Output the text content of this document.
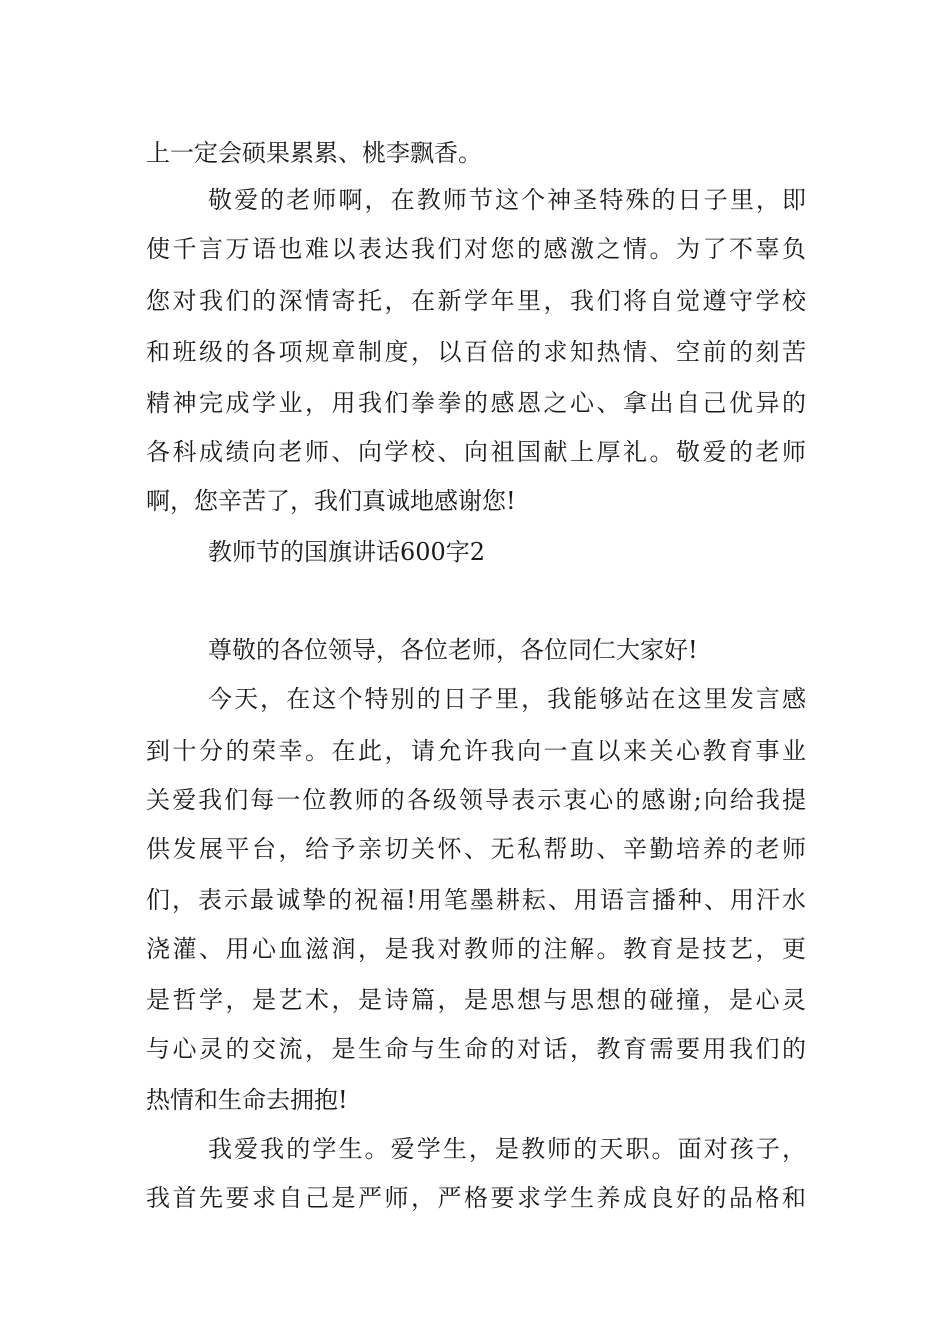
上一定会硕果累累、桃李飘香。
敬爱的老师啊，在教师节这个神圣特殊的日子里，即
使千言万语也难以表达我们对您的感激之情。为了不辜负
您对我们的深情寄托，在新学年里，我们将自觉遵守学校
和班级的各项规章制度，以百倍的求知热情、空前的刻苦
精神完成学业，用我们拳拳的感恩之心、拿出自己优异的
各科成绩向老师、向学校、向祖国献上厚礼。敬爱的老师
啊，您辛苦了，我们真诚地感谢您!
教师节的国旗讲话600字2
尊敬的各位领导，各位老师，各位同仁大家好!
今天，在这个特别的日子里，我能够站在这里发言感
到十分的荣幸。在此，请允许我向一直以来关心教育事业
关爱我们每一位教师的各级领导表示衷心的感谢;向给我提
供发展平台，给予亲切关怀、无私帮助、辛勤培养的老师
们，表示最诚挚的祝福!用笔墨耕耘、用语言播种、用汗水
浇灌、用心血滋润，是我对教师的注解。教育是技艺，更
是哲学，是艺术，是诗篇，是思想与思想的碰撞，是心灵
与心灵的交流，是生命与生命的对话，教育需要用我们的
热情和生命去拥抱!
我爱我的学生。爱学生，是教师的天职。面对孩子，
我首先要求自己是严师，严格要求学生养成良好的品格和
